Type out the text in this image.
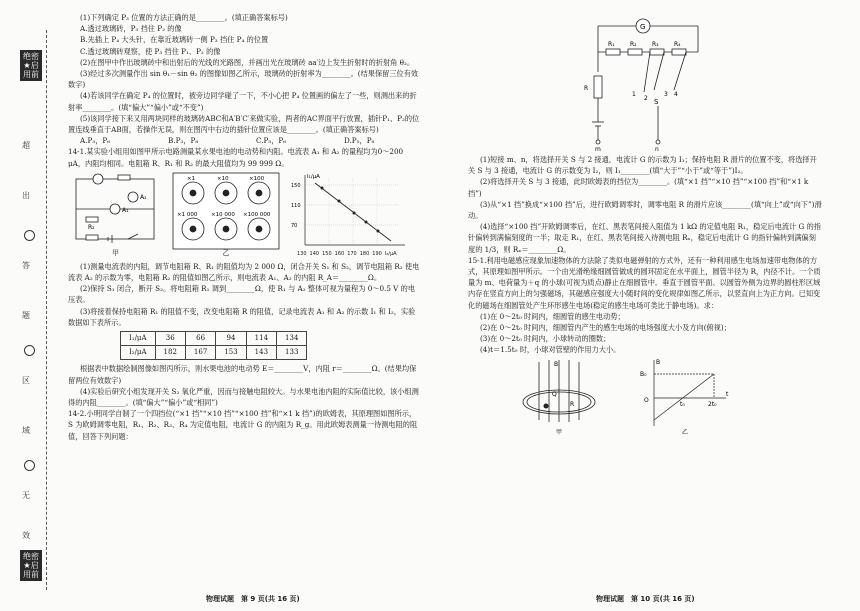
绝密★启用前
超
出
答
题
区
域
无
效
绝密★启用前

(1)下列确定 P₃ 位置的方法正确的是________。(填正确答案标号)

A.透过玻璃砖，P₃ 挡住 P₂ 的像

B.先插上 P₄ 大头针，在靠近玻璃砖一侧 P₃ 挡住 P₄ 的位置

C.透过玻璃砖观察，使 P₃ 挡住 P₁、P₂ 的像

(2)在图甲中作出玻璃砖中和出射后的光线的光路图，并画出光在玻璃砖 aa′边上发生折射时的折射角 θ₂。

(3)经过多次测量作出 sin θ₁－sin θ₂ 的图像如图乙所示，玻璃砖的折射率为________。(结果保留三位有效数字)

(4)若该同学在确定 P₄ 的位置时，被旁边同学碰了一下，不小心把 P₄ 位置画的偏左了一些，则测出来的折射率________。(填“偏大”“偏小”或“不变”)

(5)该同学接下来又用两块同样的玻璃砖ABC和A′B′C′来做实验，两者的AC界面平行放置，插针P₁、P₂的位置连线垂直于AB面，若操作无误，则在图丙中右边的插针位置应该是________。(填正确答案标号)

A.P₃，P₆	B.P₃，P₈	C.P₅，P₆	D.P₅，P₈

14-1.某实验小组用如图甲所示电路测量某水果电池的电动势和内阻。电流表 A₁ 和 A₂ 的量程均为0～200 μA，内阻均相同。电阻箱 R、R₁ 和 R₂ 的最大阻值均为 99 999 Ω。

A₁
A₂
R₂
甲
×1	×10	×100
×1 000 ×10 000 ×100 000
乙
I₁/μA
150
110
70
130 140 150 160 170 180 190 I₂/μA

(1)测量电流表的内阻，调节电阻箱 R、R₁ 的阻值均为 2 000 Ω，闭合开关 S₁ 和 S₂，调节电阻箱 R₂ 使电流表 A₂ 的示数为零，电阻箱 R₂ 的阻值如图乙所示，则电流表 A₁、A₂ 的内阻 R_A＝________Ω。

(2)保持 S₁ 闭合，断开 S₂。将电阻箱 R₁ 调到________Ω，使 R₁ 与 A₂ 整体可视为量程为 0～0.5 V 的电压表。

(3)将接着保持电阻箱 R₁ 的阻值不变，改变电阻箱 R 的阻值，记录电流表 A₁ 和 A₂ 的示数 I₁ 和 I₂，实验数据如下表所示。

I₁/μA	36	66	94	114	134
I₂/μA	182	167	153	143	133

根据表中数据绘制图像如图丙所示，则水果电池的电动势 E＝________V，内阻 r＝________Ω。(结果均保留两位有效数字)

(4)实验后研究小组发现开关 S₂ 氧化严重，因而与接触电阻较大。与水果电池内阻的实际值比较，该小组测得的内阻________。(填“偏大”“偏小”或“相同”)

14-2.小明同学自制了一个四挡位(“×1 挡”“×10 挡”“×100 挡”和“×1 k 挡”)的欧姆表，其原理图如图所示，S 为欧姆调零电阻，R₁、R₂、R₃、R₄ 为定值电阻，电流计 G 的内阻为 R_g。用此欧姆表测量一待测电阻的阻值，回答下列问题：

G
R₁	R₂	R₃	R₄
R
S
1
2
3 4
m	n

(1)短接 m、n，将选择开关 S 与 2 接通，电流计 G 的示数为 I₁；保持电阻 R 滑片的位置不变，将选择开关 S 与 3 接通，电流计 G 的示数变为 I₂，则 I₁________(填“大于”“小于”或“等于”)I₂。

(2)将选择开关 S 与 3 接通，此时欧姆表的挡位为________。(填“×1 挡”“×10 挡”“×100 挡”和“×1 k 挡”)

(3)从“×1 挡”换成“×100 挡”后，进行欧姆调零时，调零电阻 R 的滑片应该________(填“向上”或“向下”)滑动。

(4)选择“×100 挡”开欧姆调零后，在红、黑表笔间接入阻值为 1 kΩ 的定值电阻 R₁，稳定后电流计 G 的指针偏转到满偏刻度的一半；取走 R₁，在红、黑表笔间接入待测电阻 Rₓ，稳定后电流计 G 的指针偏转到满偏刻度的 1/3，则 Rₓ＝________Ω。

15-1.利用电磁感应现象加速物体的方法除了类似电磁弹射的方式外，还有一种利用感生电场加速带电物体的方式，其原理如图甲所示。一个由光滑绝缘细圆管做成的圆环固定在水平面上，圆管半径为 R，内径不计。一个质量为 m、电荷量为＋q 的小球(可视为质点)静止在细圆管中。垂直于圆管平面、以圆管外侧为边界的圆柱形区域内存在竖直方向上的匀强磁场，其磁感应强度大小随时间的变化规律如图乙所示，以竖直向上为正方向。已知变化的磁场在细圆管处产生环形感生电场(稳定的感生电场可类比于静电场)。求：

(1)在 0～2t₀ 时间内，细圆管的感生电动势；

(2)在 0～2t₀ 时间内，细圆管内产生的感生电场的电场强度大小及方向(俯视)；

(3)在 0～2t₀ 时间内，小球转动的圈数；

(4)t＝1.5t₀ 时，小球对管壁的作用力大小。

B
Q
R
甲
B
B₀
O
t₀	2t₀
t
乙
物理试题　第 9 页(共 16 页)	物理试题　第 10 页(共 16 页)
